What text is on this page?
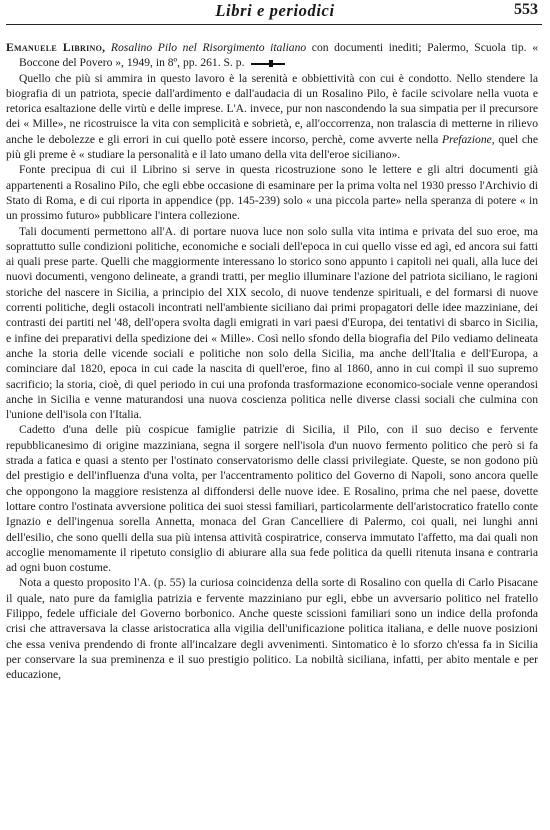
Libri e periodici	553

Emanuele Librino, Rosalino Pilo nel Risorgimento italiano con documenti inediti; Palermo, Scuola tip. « Boccone del Povero », 1949, in 8º, pp. 261. S. p.

Quello che più si ammira in questo lavoro è la serenità e obbiettività con cui è condotto. Nello stendere la biografia di un patriota, specie dall'ardimento e dall'audacia di un Rosalino Pilo, è facile scivolare nella vuota e retorica esaltazione delle virtù e delle imprese. L'A. invece, pur non nascondendo la sua simpatia per il precursore dei « Mille», ne ricostruisce la vita con semplicità e sobrietà, e, all'occorrenza, non tralascia di metterne in rilievo anche le debolezze e gli errori in cui quello potè essere incorso, perchè, come avverte nella Prefazione, quel che più gli preme è « studiare la personalità e il lato umano della vita dell'eroe siciliano».

Fonte precipua di cui il Librino si serve in questa ricostruzione sono le lettere e gli altri documenti già appartenenti a Rosalino Pilo, che egli ebbe occasione di esaminare per la prima volta nel 1930 presso l'Archivio di Stato di Roma, e di cui riporta in appendice (pp. 145-239) solo « una piccola parte» nella speranza di potere « in un prossimo futuro» pubblicare l'intera collezione.

Tali documenti permettono all'A. di portare nuova luce non solo sulla vita intima e privata del suo eroe, ma soprattutto sulle condizioni politiche, economiche e sociali dell'epoca in cui quello visse ed agì, ed ancora sui fatti ai quali prese parte. Quelli che maggiormente interessano lo storico sono appunto i capitoli nei quali, alla luce dei nuovi documenti, vengono delineate, a grandi tratti, per meglio illuminare l'azione del patriota siciliano, le ragioni storiche del nascere in Sicilia, a principio del XIX secolo, di nuove tendenze spirituali, e del formarsi di nuove correnti politiche, degli ostacoli incontrati nell'ambiente siciliano dai primi propagatori delle idee mazziniane, dei contrasti dei partiti nel '48, dell'opera svolta dagli emigrati in vari paesi d'Europa, dei tentativi di sbarco in Sicilia, e infine dei preparativi della spedizione dei « Mille». Così nello sfondo della biografia del Pilo vediamo delineata anche la storia delle vicende sociali e politiche non solo della Sicilia, ma anche dell'Italia e dell'Europa, a cominciare dal 1820, epoca in cui cade la nascita di quell'eroe, fino al 1860, anno in cui compì il suo supremo sacrificio; la storia, cioè, di quel periodo in cui una profonda trasformazione economico-sociale venne operandosi anche in Sicilia e venne maturandosi una nuova coscienza politica nelle diverse classi sociali che culmina con l'unione dell'isola con l'Italia.

Cadetto d'una delle più cospicue famiglie patrizie di Sicilia, il Pilo, con il suo deciso e fervente repubblicanesimo di origine mazziniana, segna il sorgere nell'isola d'un nuovo fermento politico che però si fa strada a fatica e quasi a stento per l'ostinato conservatorismo delle classi privilegiate. Queste, se non godono più del prestigio e dell'influenza d'una volta, per l'accentramento politico del Governo di Napoli, sono ancora quelle che oppongono la maggiore resistenza al diffondersi delle nuove idee. E Rosalino, prima che nel paese, dovette lottare contro l'ostinata avversione politica dei suoi stessi familiari, particolarmente dell'aristocratico fratello conte Ignazio e dell'ingenua sorella Annetta, monaca del Gran Cancelliere di Palermo, coi quali, nei lunghi anni dell'esilio, che sono quelli della sua più intensa attività cospiratrice, conserva immutato l'affetto, ma dai quali non accoglie menomamente il ripetuto consiglio di abiurare alla sua fede politica da quelli ritenuta insana e contraria ad ogni buon costume.

Nota a questo proposito l'A. (p. 55) la curiosa coincidenza della sorte di Rosalino con quella di Carlo Pisacane il quale, nato pure da famiglia patrizia e fervente mazziniano pur egli, ebbe un avversario politico nel fratello Filippo, fedele ufficiale del Governo borbonico. Anche queste scissioni familiari sono un indice della profonda crisi che attraversava la classe aristocratica alla vigilia dell'unificazione politica italiana, e delle nuove posizioni che essa veniva prendendo di fronte all'incalzare degli avvenimenti. Sintomatico è lo sforzo ch'essa fa in Sicilia per conservare la sua preminenza e il suo prestigio politico. La nobiltà siciliana, infatti, per abito mentale e per educazione,
